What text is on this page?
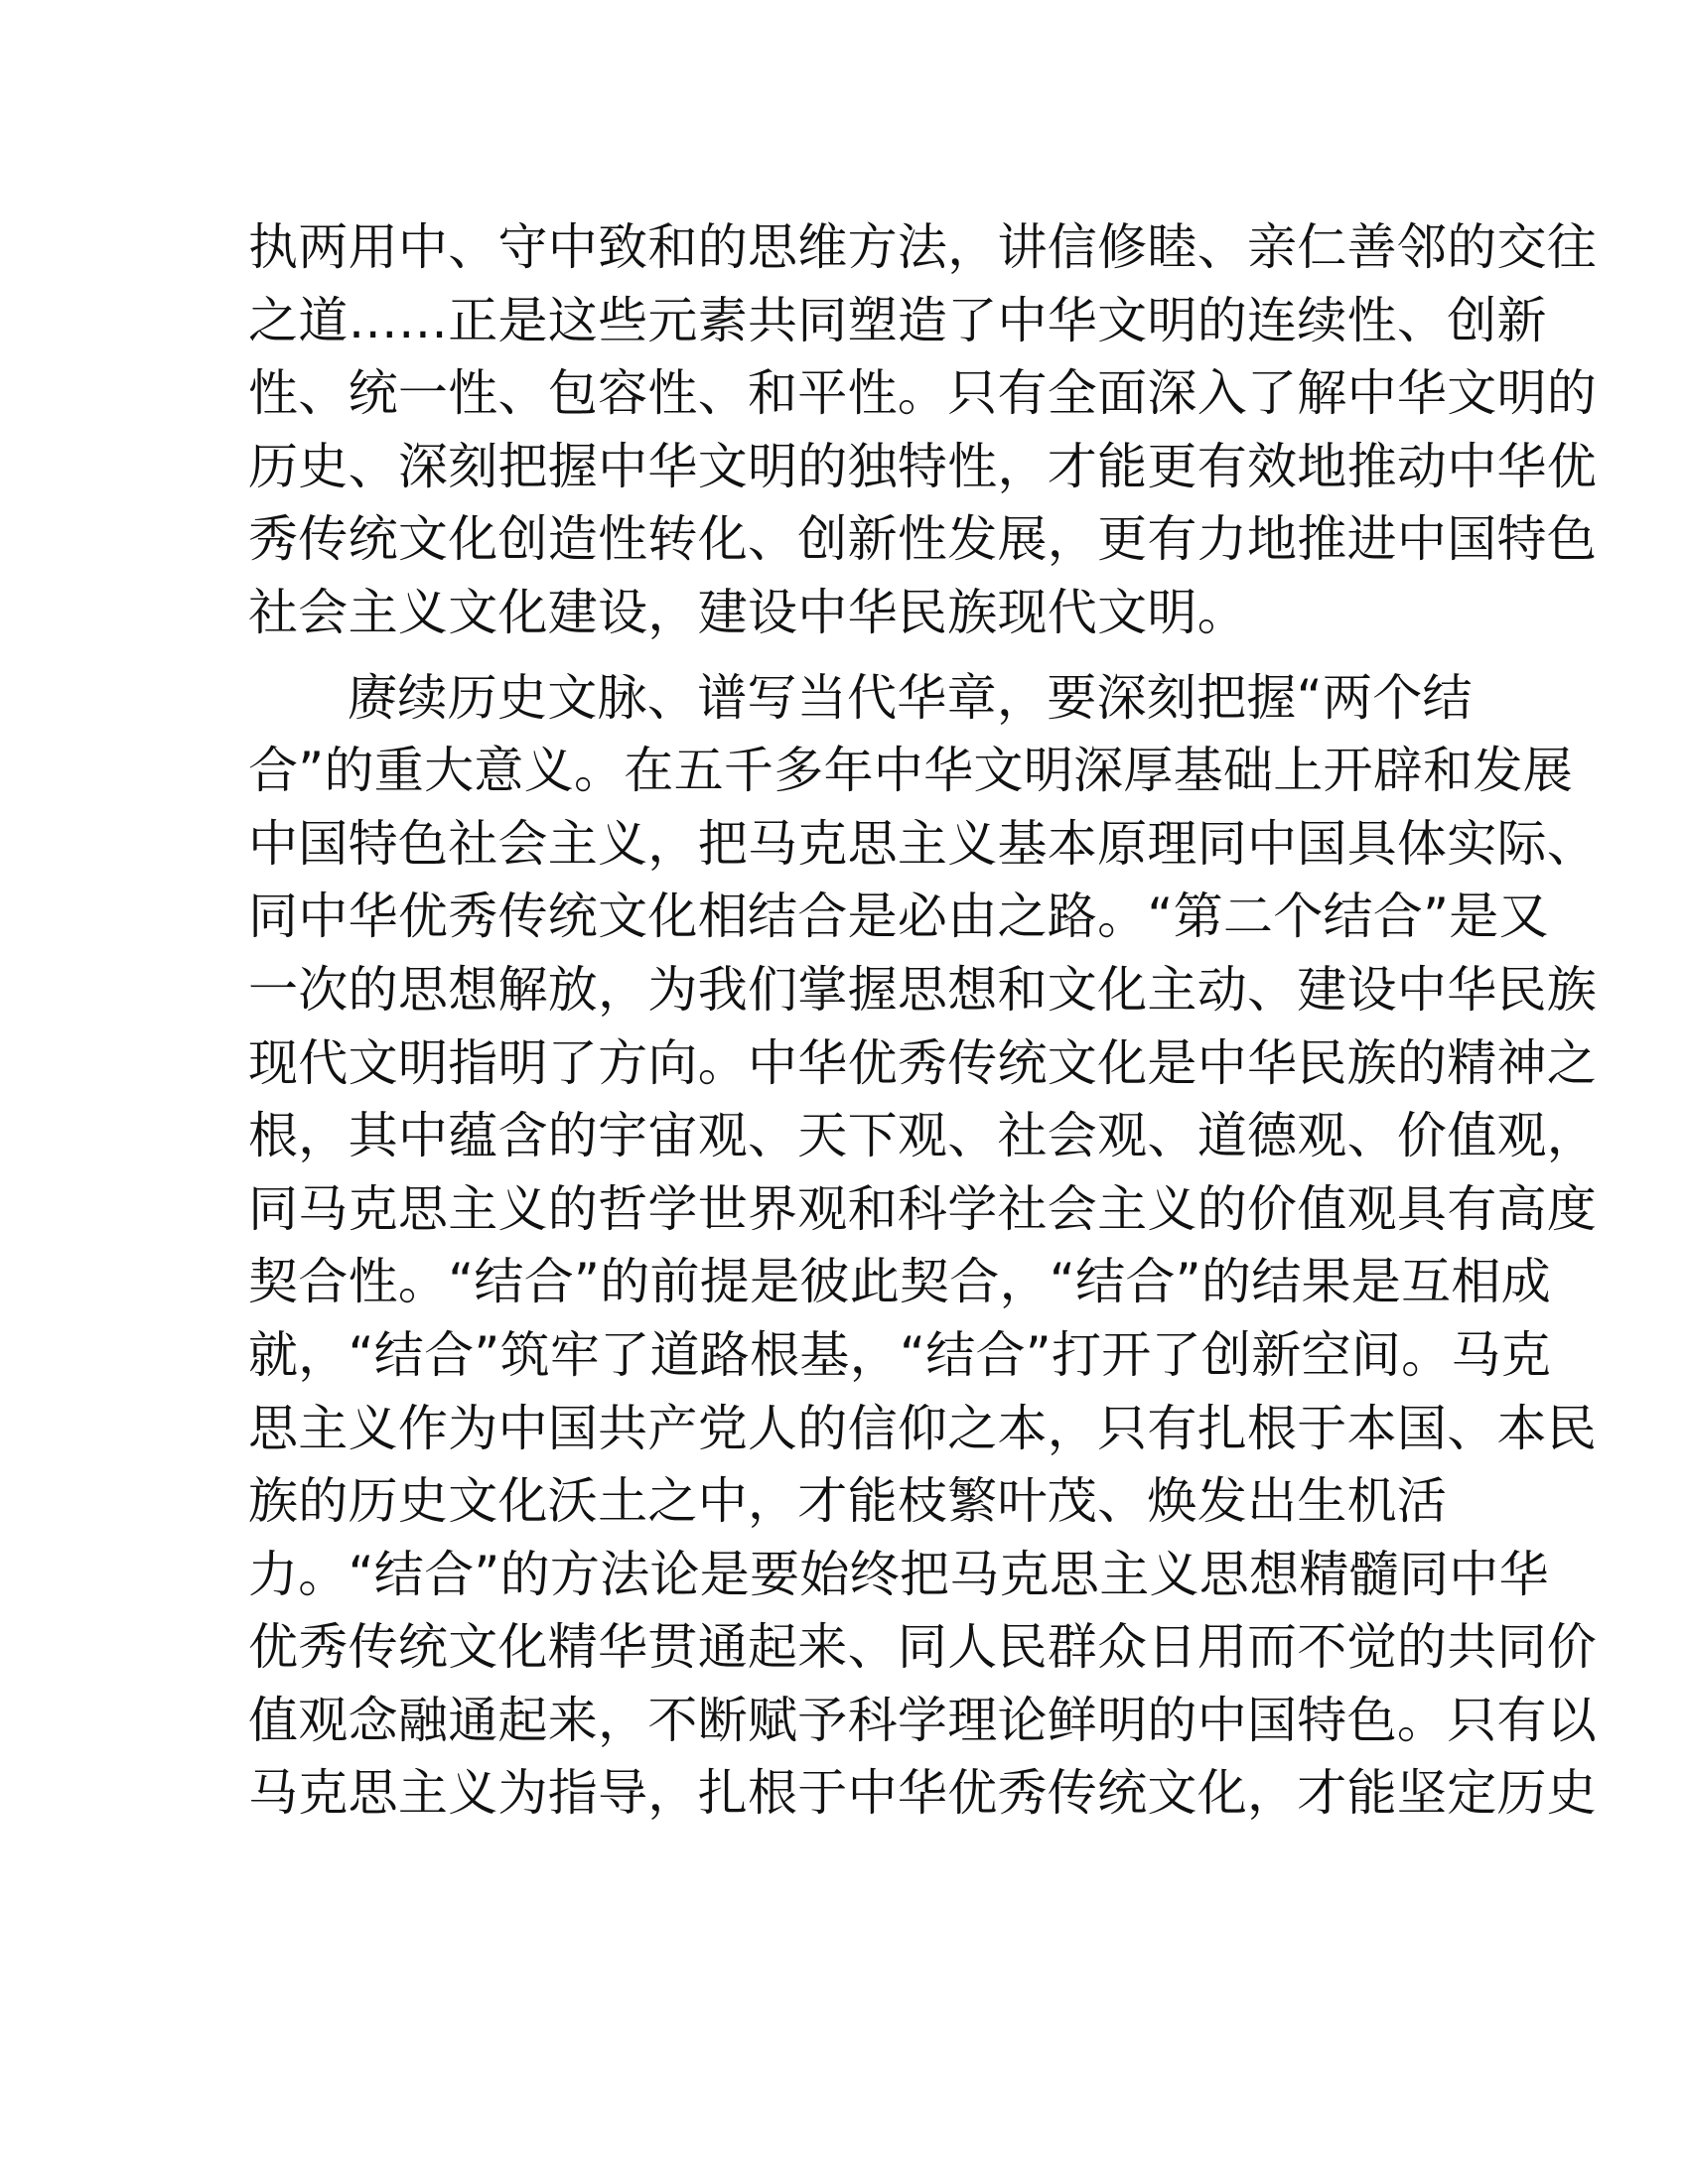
执两用中、守中致和的思维方法，讲信修睦、亲仁善邻的交往
之道……正是这些元素共同塑造了中华文明的连续性、创新
性、统一性、包容性、和平性。只有全面深入了解中华文明的
历史、深刻把握中华文明的独特性，才能更有效地推动中华优
秀传统文化创造性转化、创新性发展，更有力地推进中国特色
社会主义文化建设，建设中华民族现代文明。
赓续历史文脉、谱写当代华章，要深刻把握“两个结
合”的重大意义。在五千多年中华文明深厚基础上开辟和发展
中国特色社会主义，把马克思主义基本原理同中国具体实际、
同中华优秀传统文化相结合是必由之路。“第二个结合”是又
一次的思想解放，为我们掌握思想和文化主动、建设中华民族
现代文明指明了方向。中华优秀传统文化是中华民族的精神之
根，其中蕴含的宇宙观、天下观、社会观、道德观、价值观，
同马克思主义的哲学世界观和科学社会主义的价值观具有高度
契合性。“结合”的前提是彼此契合，“结合”的结果是互相成
就，“结合”筑牢了道路根基，“结合”打开了创新空间。马克
思主义作为中国共产党人的信仰之本，只有扎根于本国、本民
族的历史文化沃土之中，才能枝繁叶茂、焕发出生机活
力。“结合”的方法论是要始终把马克思主义思想精髓同中华
优秀传统文化精华贯通起来、同人民群众日用而不觉的共同价
值观念融通起来，不断赋予科学理论鲜明的中国特色。只有以
马克思主义为指导，扎根于中华优秀传统文化，才能坚定历史
